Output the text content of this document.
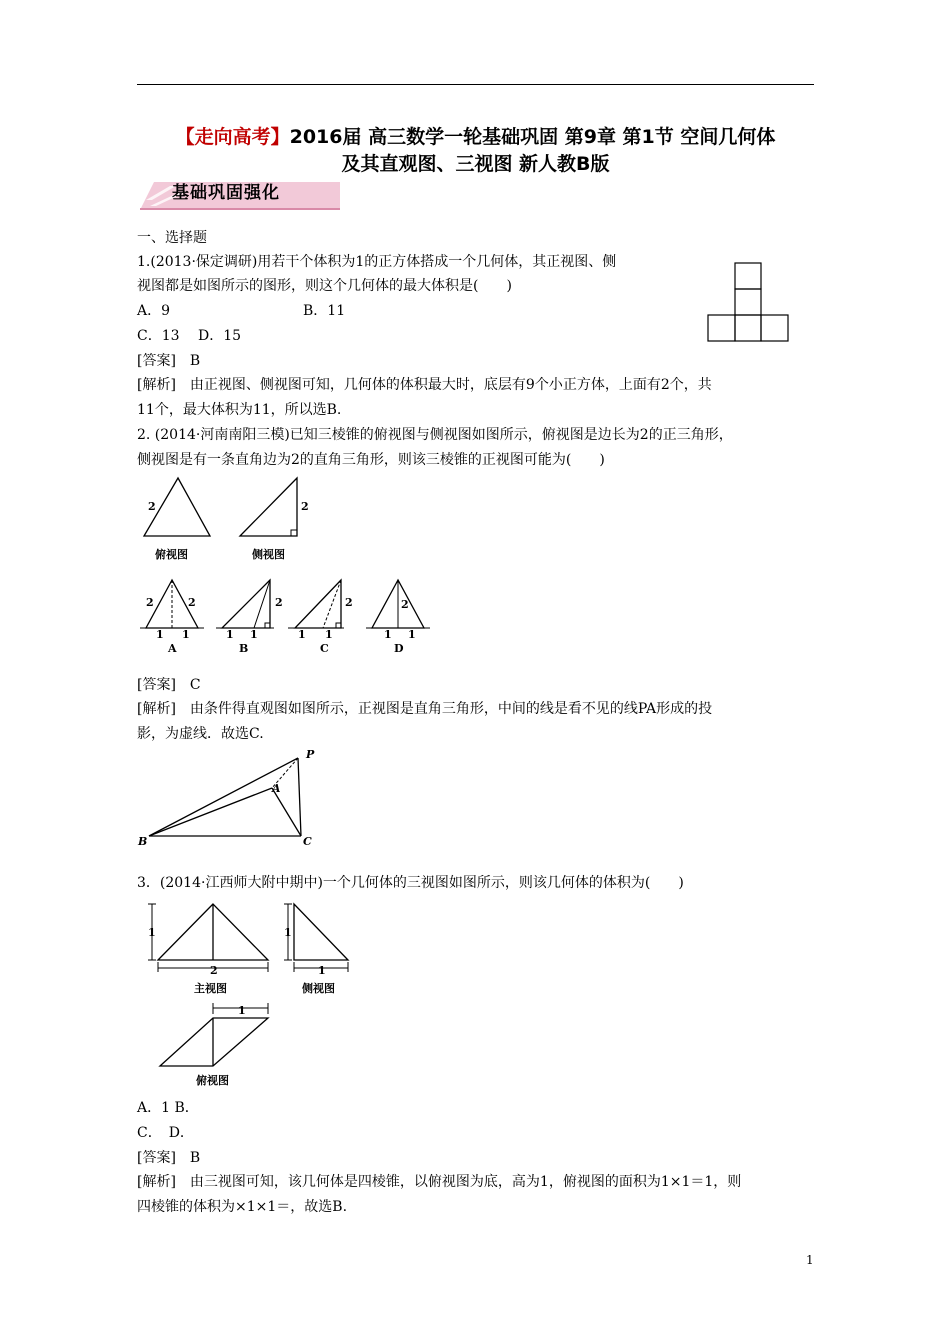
【走向高考】2016届 高三数学一轮基础巩固 第9章 第1节 空间几何体
及其直观图、三视图 新人教B版
基础巩固强化
一、选择题
1.(2013·保定调研)用若干个体积为1的正方体搭成一个几何体，其正视图、侧
视图都是如图所示的图形，则这个几何体的最大体积是(　　)
A．9	B．11
C．13　 D．15
[答案]　B
[解析]　由正视图、侧视图可知，几何体的体积最大时，底层有9个小正方体，上面有2个，共
11个，最大体积为11，所以选B.
2. (2014·河南南阳三模)已知三棱锥的俯视图与侧视图如图所示，俯视图是边长为2的正三角形，
侧视图是有一条直角边为2的直角三角形，则该三棱锥的正视图可能为(　　)
2	2
俯视图	侧视图
2	2
1 1
A
2
1 1
B
2
1 1
C
2
1 1
D
[答案]　C
[解析]　由条件得直观图如图所示，正视图是直角三角形，中间的线是看不见的线PA形成的投
影，为虚线．故选C.
P
A
B	C
3．(2014·江西师大附中期中)一个几何体的三视图如图所示，则该几何体的体积为(　　)
1
2
1
1
主视图	侧视图
1
俯视图
A．1 B．
C．　D．
[答案]　B
[解析]　由三视图可知，该几何体是四棱锥，以俯视图为底，高为1，俯视图的面积为1×1＝1，则
四棱锥的体积为×1×1＝，故选B.
1
